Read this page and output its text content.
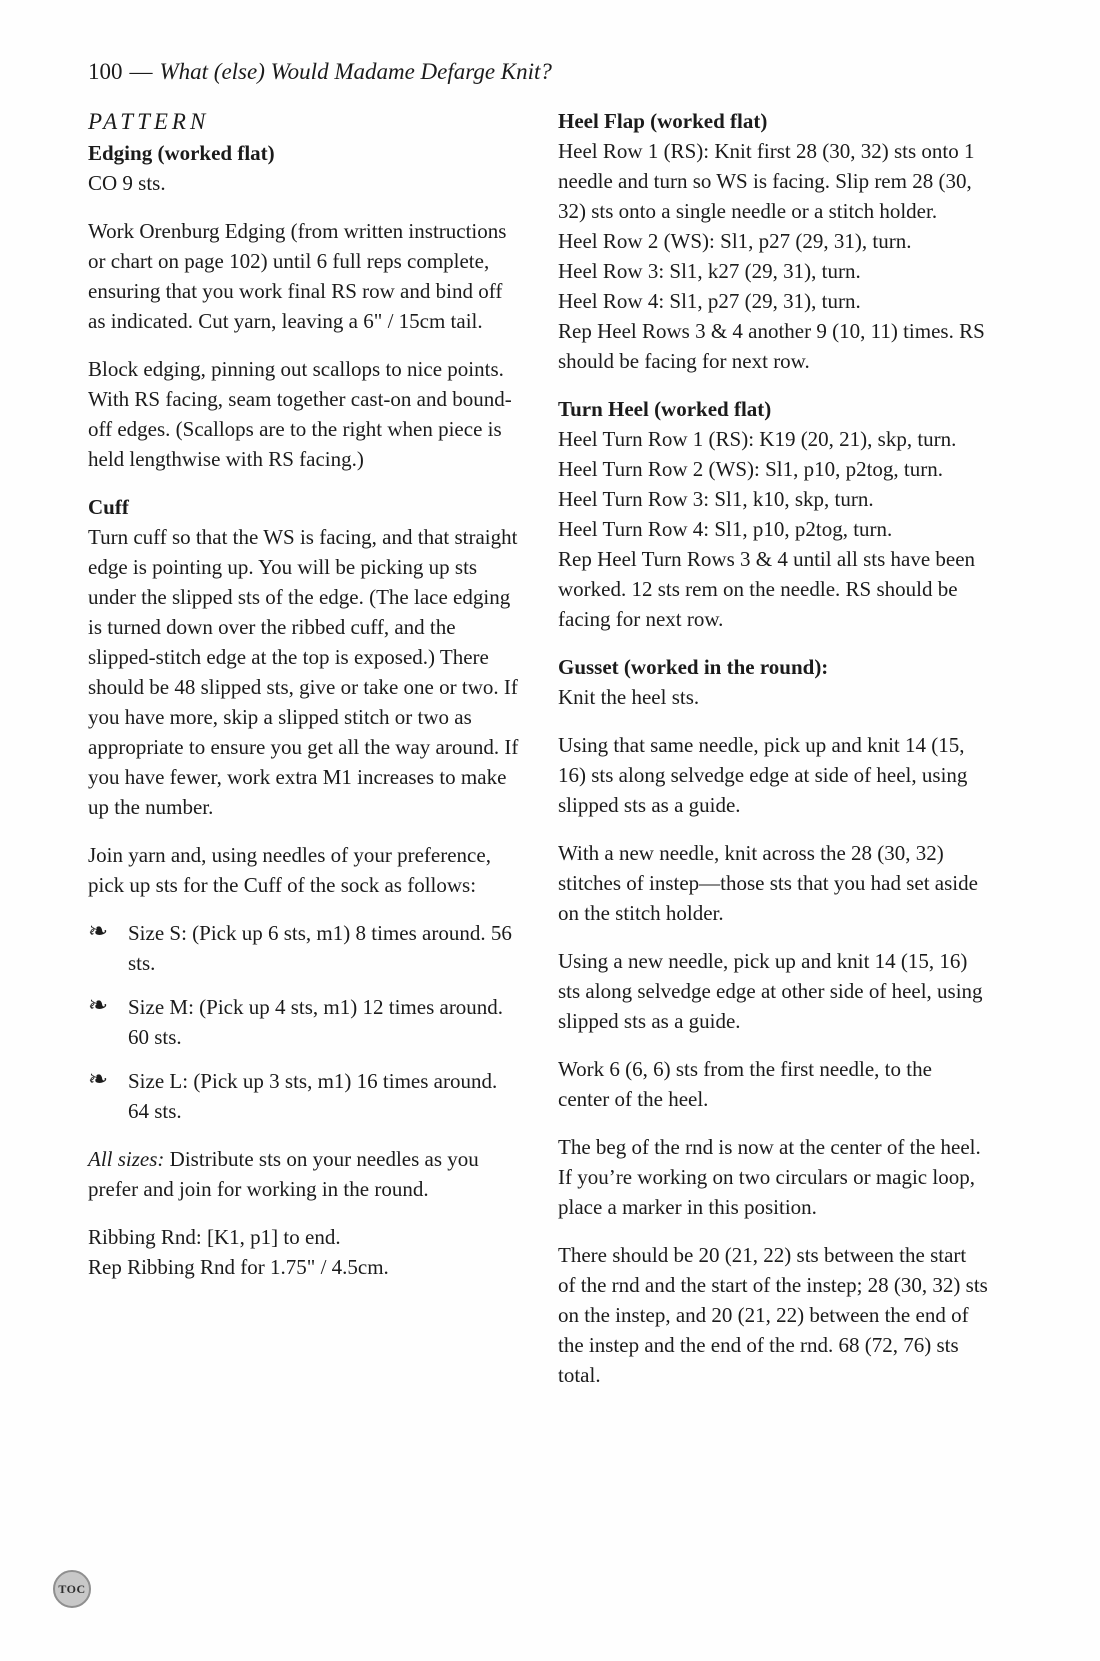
100 — What (else) Would Madame Defarge Knit?
PATTERN
Edging (worked flat)
CO 9 sts.

Work Orenburg Edging (from written instructions or chart on page 102) until 6 full reps complete, ensuring that you work final RS row and bind off as indicated. Cut yarn, leaving a 6" / 15cm tail.

Block edging, pinning out scallops to nice points. With RS facing, seam together cast-on and bound-off edges. (Scallops are to the right when piece is held lengthwise with RS facing.)

Cuff

Turn cuff so that the WS is facing, and that straight edge is pointing up. You will be picking up sts under the slipped sts of the edge. (The lace edging is turned down over the ribbed cuff, and the slipped-stitch edge at the top is exposed.) There should be 48 slipped sts, give or take one or two. If you have more, skip a slipped stitch or two as appropriate to ensure you get all the way around. If you have fewer, work extra M1 increases to make up the number.

Join yarn and, using needles of your preference, pick up sts for the Cuff of the sock as follows:

❧ Size S: (Pick up 6 sts, m1) 8 times around. 56 sts.
❧ Size M: (Pick up 4 sts, m1) 12 times around. 60 sts.
❧ Size L: (Pick up 3 sts, m1) 16 times around. 64 sts.

All sizes: Distribute sts on your needles as you prefer and join for working in the round.

Ribbing Rnd: [K1, p1] to end.
Rep Ribbing Rnd for 1.75" / 4.5cm.
Heel Flap (worked flat)
Heel Row 1 (RS): Knit first 28 (30, 32) sts onto 1 needle and turn so WS is facing. Slip rem 28 (30, 32) sts onto a single needle or a stitch holder.
Heel Row 2 (WS): Sl1, p27 (29, 31), turn.
Heel Row 3: Sl1, k27 (29, 31), turn.
Heel Row 4: Sl1, p27 (29, 31), turn.
Rep Heel Rows 3 & 4 another 9 (10, 11) times. RS should be facing for next row.
Turn Heel (worked flat)
Heel Turn Row 1 (RS): K19 (20, 21), skp, turn.
Heel Turn Row 2 (WS): Sl1, p10, p2tog, turn.
Heel Turn Row 3: Sl1, k10, skp, turn.
Heel Turn Row 4: Sl1, p10, p2tog, turn.
Rep Heel Turn Rows 3 & 4 until all sts have been worked. 12 sts rem on the needle. RS should be facing for next row.
Gusset (worked in the round):
Knit the heel sts.

Using that same needle, pick up and knit 14 (15, 16) sts along selvedge edge at side of heel, using slipped sts as a guide.

With a new needle, knit across the 28 (30, 32) stitches of instep—those sts that you had set aside on the stitch holder.

Using a new needle, pick up and knit 14 (15, 16) sts along selvedge edge at other side of heel, using slipped sts as a guide.

Work 6 (6, 6) sts from the first needle, to the center of the heel.

The beg of the rnd is now at the center of the heel. If you’re working on two circulars or magic loop, place a marker in this position.

There should be 20 (21, 22) sts between the start of the rnd and the start of the instep; 28 (30, 32) sts on the instep, and 20 (21, 22) between the end of the instep and the end of the rnd. 68 (72, 76) sts total.

TOC
